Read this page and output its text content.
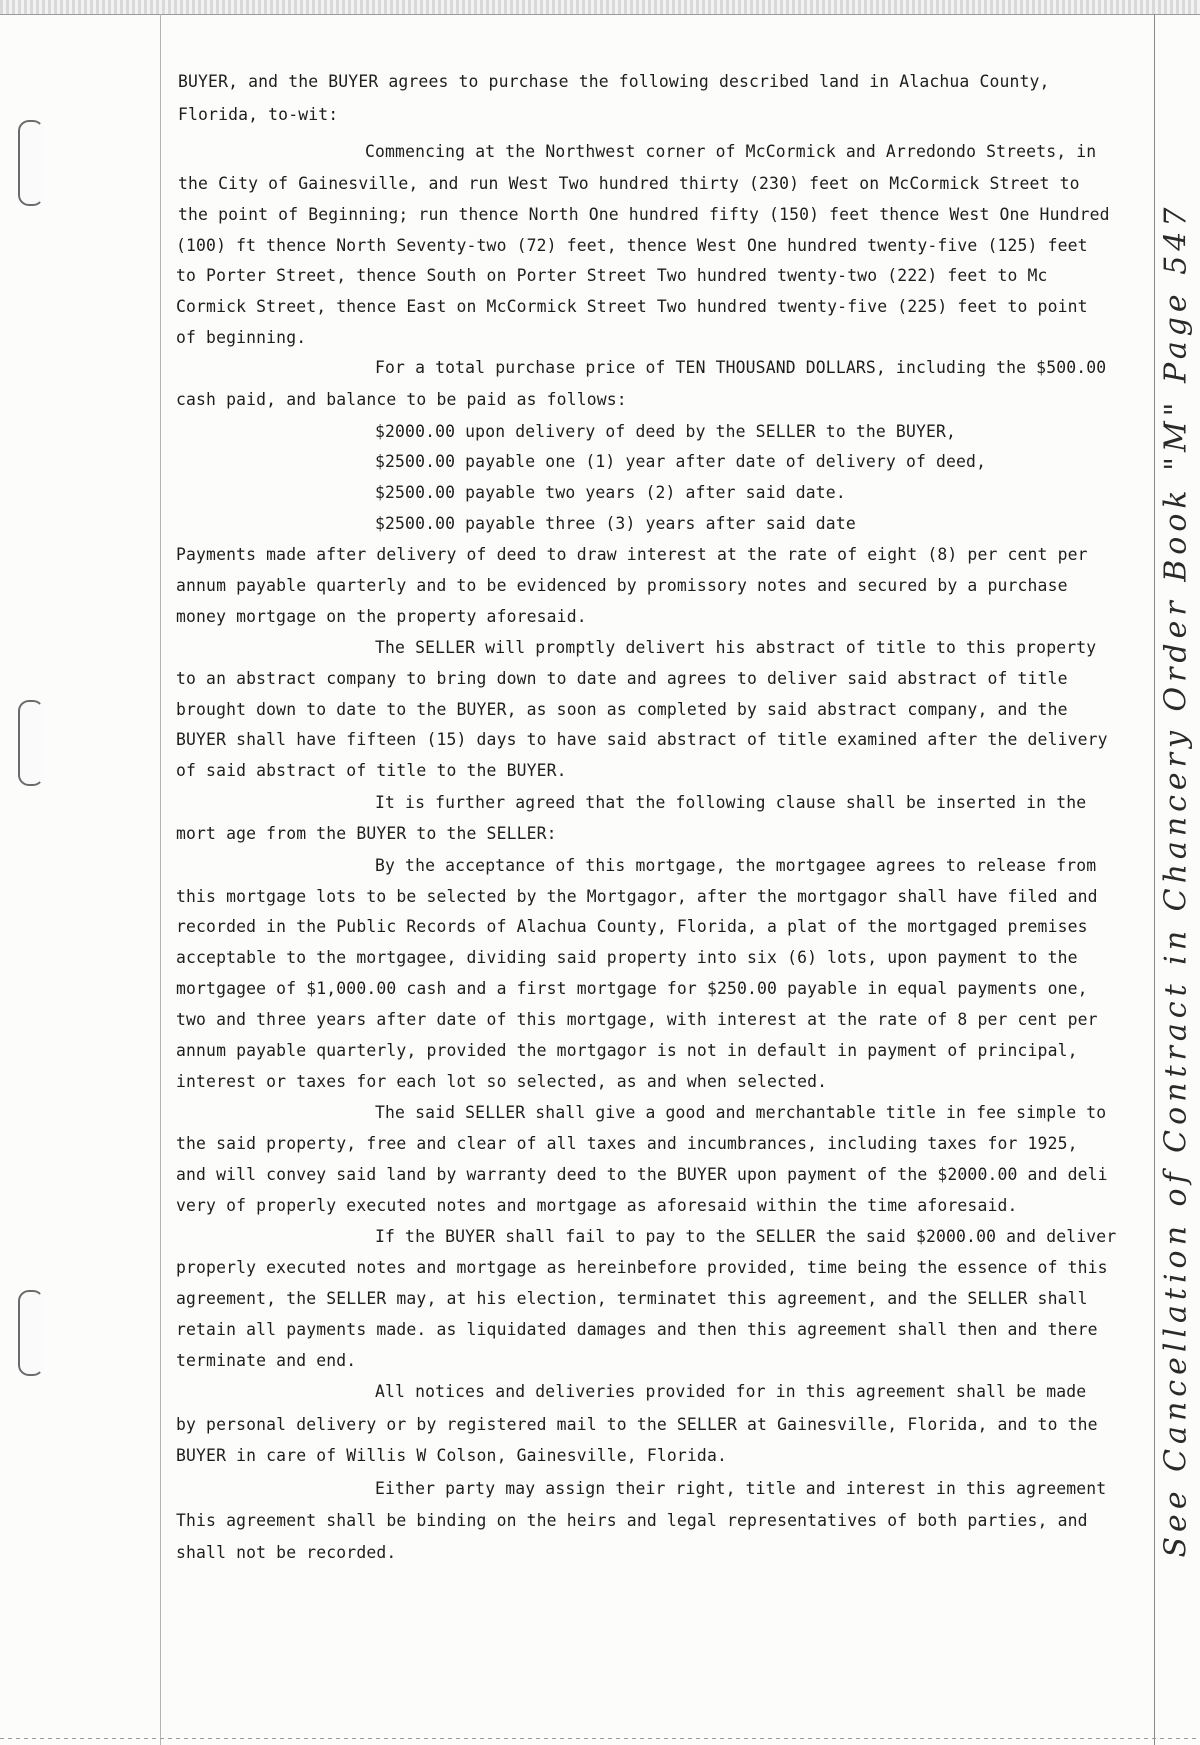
BUYER, and the BUYER agrees to purchase the following described land in Alachua County,
Florida, to-wit:
Commencing at the Northwest corner of McCormick and Arredondo Streets, in
the City of Gainesville, and run West Two hundred thirty (230) feet on McCormick Street to
the point of Beginning; run thence North One hundred fifty (150) feet thence West One Hundred
(100) ft thence North Seventy-two (72) feet, thence West One hundred twenty-five (125) feet
to Porter Street, thence South on Porter Street Two hundred twenty-two (222) feet to Mc
Cormick Street, thence East on McCormick Street Two hundred twenty-five (225) feet to point
of beginning.
For a total purchase price of TEN THOUSAND DOLLARS, including the $500.00
cash paid, and balance to be paid as follows:
$2000.00 upon delivery of deed by the SELLER to the BUYER,
$2500.00 payable one (1) year after date of delivery of deed,
$2500.00 payable two years (2) after said date.
$2500.00 payable three (3) years after said date
Payments made after delivery of deed to draw interest at the rate of eight (8) per cent per
annum payable quarterly and to be evidenced by promissory notes and secured by a purchase
money mortgage on the property aforesaid.
The SELLER will promptly delivert his abstract of title to this property
to an abstract company to bring down to date and agrees to deliver said abstract of title
brought down to date to the BUYER, as soon as completed by said abstract company, and the
BUYER shall have fifteen (15) days to have said abstract of title examined after the delivery
of said abstract of title to the BUYER.
It is further agreed that the following clause shall be inserted in the
mort age from the BUYER to the SELLER:
By the acceptance of this mortgage, the mortgagee agrees to release from
this mortgage lots to be selected by the Mortgagor, after the mortgagor shall have filed and
recorded in the Public Records of Alachua County, Florida, a plat of the mortgaged premises
acceptable to the mortgagee, dividing said property into six (6) lots, upon payment to the
mortgagee of $1,000.00 cash and a first mortgage for $250.00 payable in equal payments one,
two and three years after date of this mortgage, with interest at the rate of 8 per cent per
annum payable quarterly, provided the mortgagor is not in default in payment of principal,
interest or taxes for each lot so selected, as and when selected.
The said SELLER shall give a good and merchantable title in fee simple to
the said property, free and clear of all taxes and incumbrances, including taxes for 1925,
and will convey said land by warranty deed to the BUYER upon payment of the $2000.00 and deli
very of properly executed notes and mortgage as aforesaid within the time aforesaid.
If the BUYER shall fail to pay to the SELLER the said $2000.00 and deliver
properly executed notes and mortgage as hereinbefore provided, time being the essence of this
agreement, the SELLER may, at his election, terminatet this agreement, and the SELLER shall
retain all payments made. as liquidated damages and then this agreement shall then and there
terminate and end.
All notices and deliveries provided for in this agreement shall be made
by personal delivery or by registered mail to the SELLER at Gainesville, Florida, and to the
BUYER in care of Willis W Colson, Gainesville, Florida.
Either party may assign their right, title and interest in this agreement
This agreement shall be binding on the heirs and legal representatives of both parties, and
shall not be recorded.	See Cancellation of Contract in Chancery Order Book "M" Page 547
